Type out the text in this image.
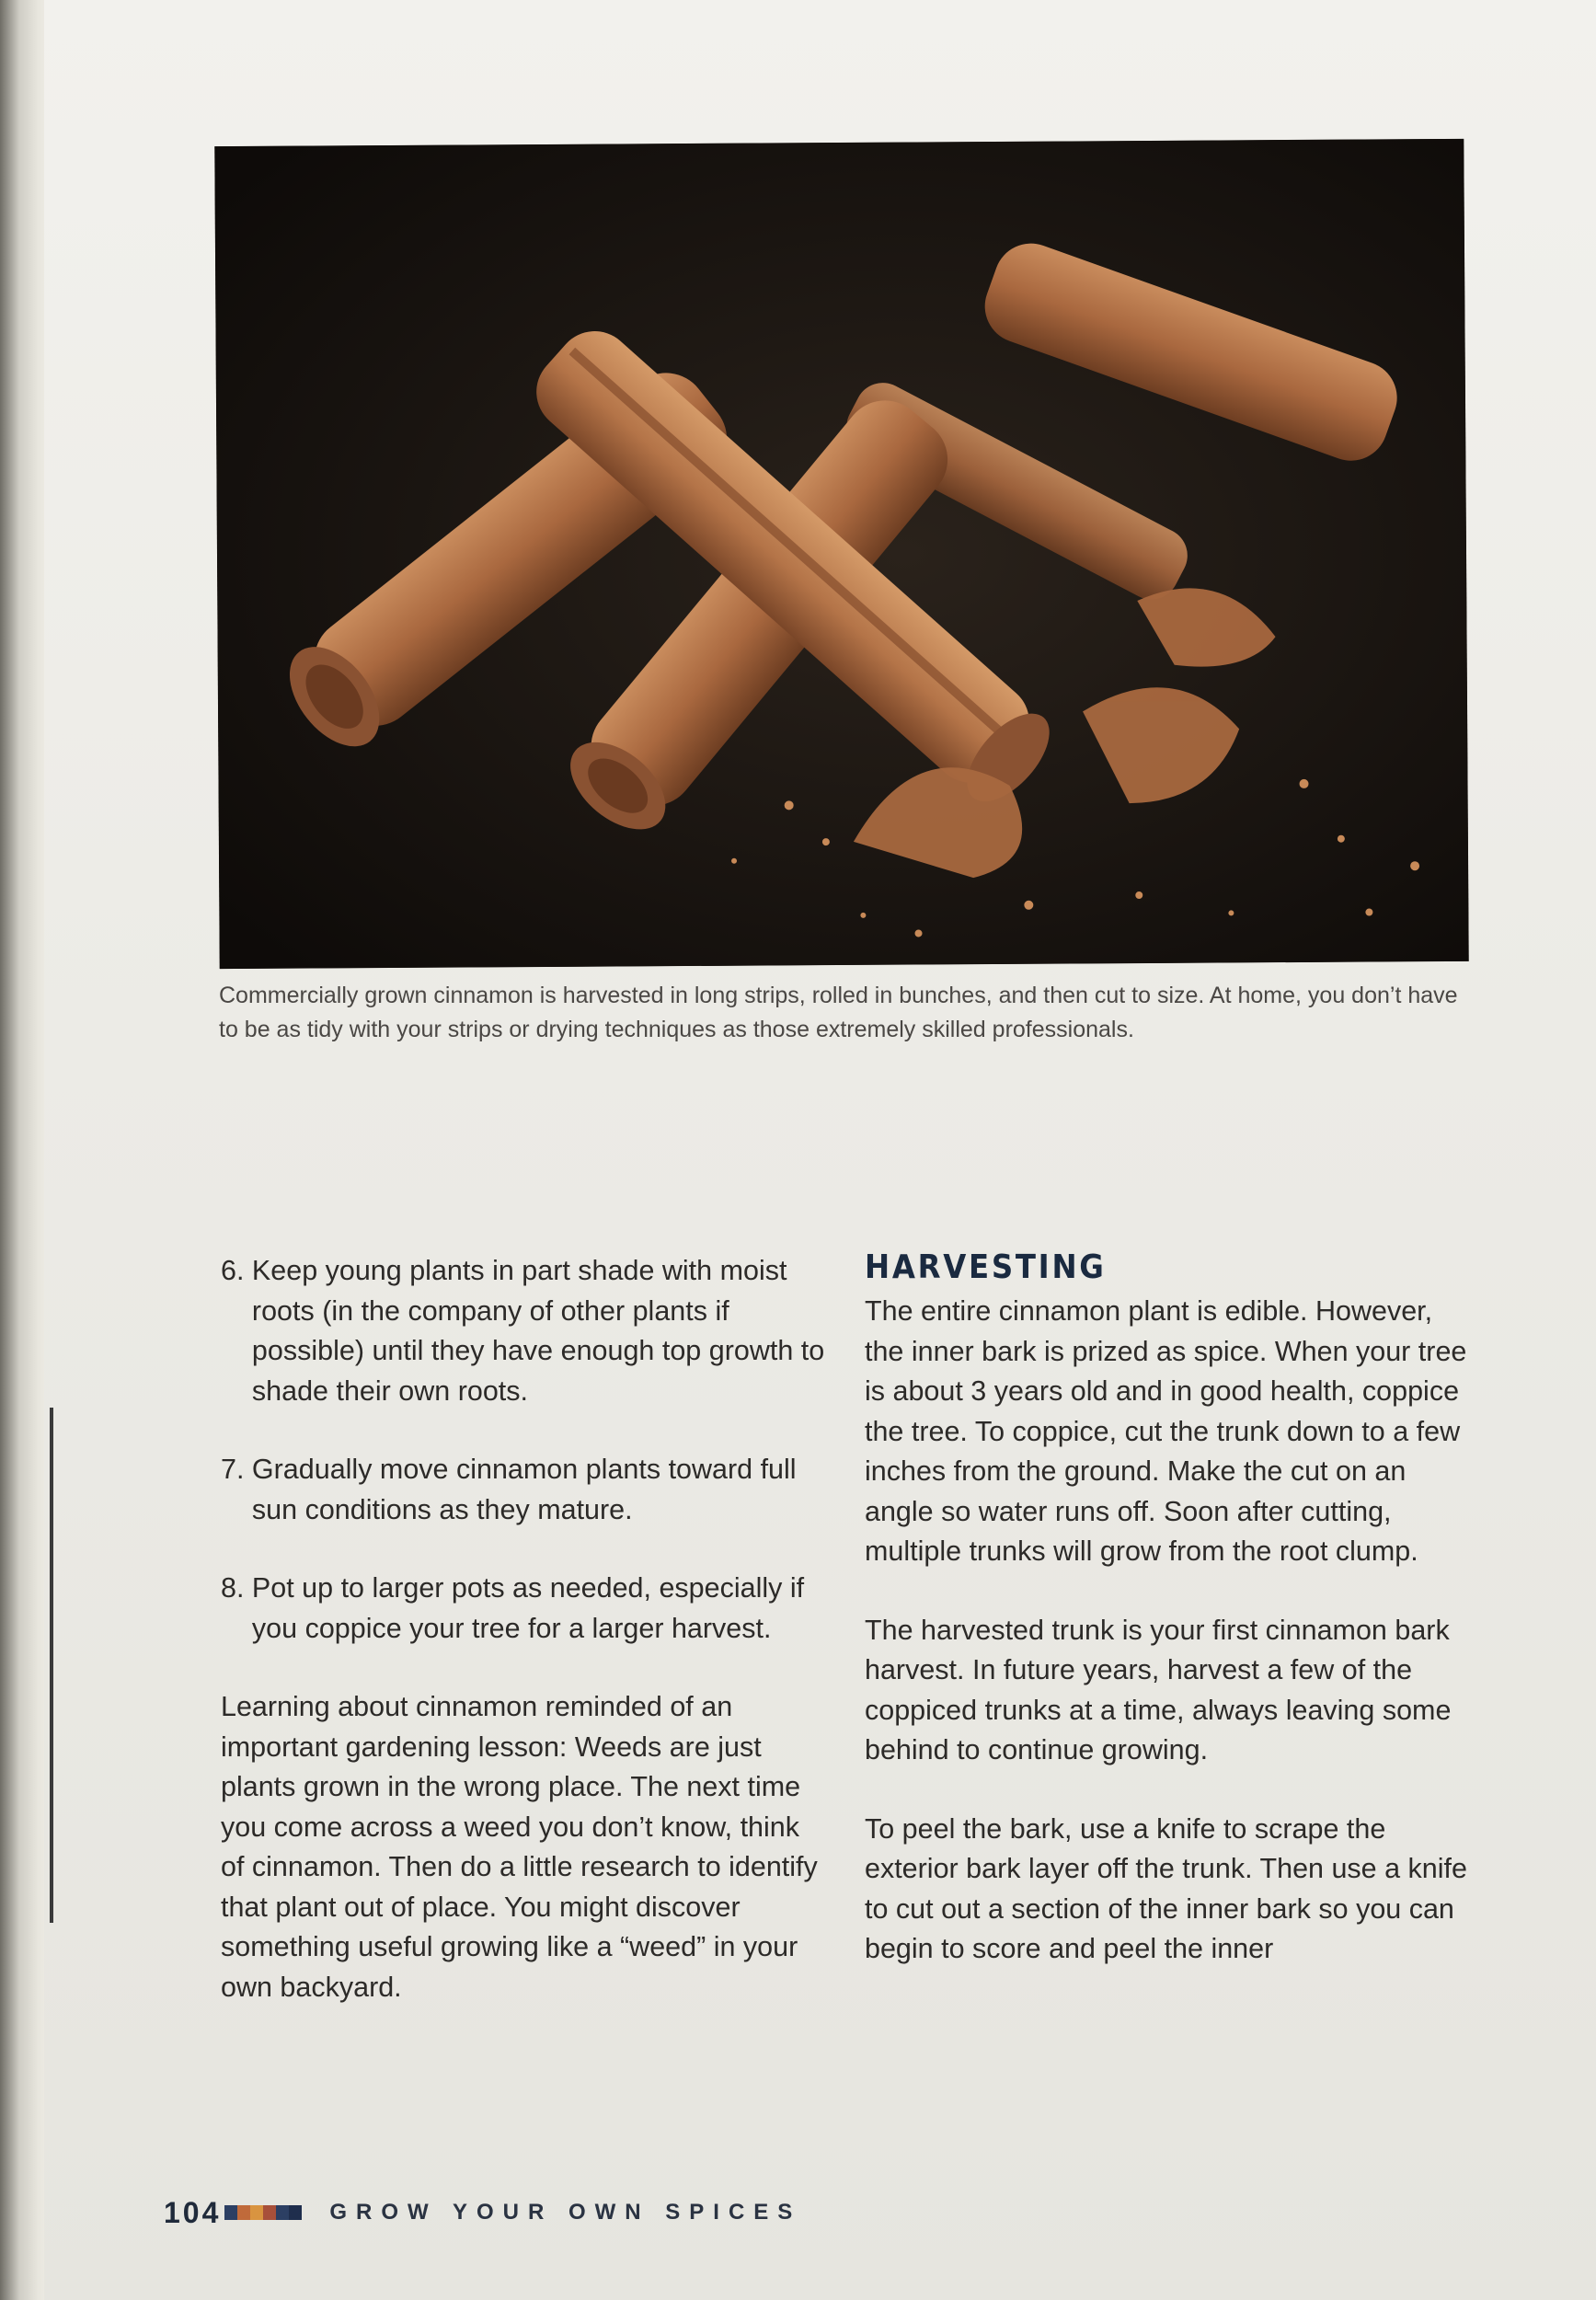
Commercially grown cinnamon is harvested in long strips, rolled in bunches, and then cut to size. At home, you don’t have to be as tidy with your strips or drying techniques as those extremely skilled professionals.
6.
Keep young plants in part shade with moist roots (in the company of other plants if possible) until they have enough top growth to shade their own roots.
7.
Gradually move cinnamon plants toward full sun conditions as they mature.
8.
Pot up to larger pots as needed, especially if you coppice your tree for a larger harvest.

Learning about cinnamon reminded of an important gardening lesson: Weeds are just plants grown in the wrong place. The next time you come across a weed you don’t know, think of cinnamon. Then do a little research to identify that plant out of place. You might discover something useful growing like a “weed” in your own backyard.

HARVESTING

The entire cinnamon plant is edible. However, the inner bark is prized as spice. When your tree is about 3 years old and in good health, coppice the tree. To coppice, cut the trunk down to a few inches from the ground. Make the cut on an angle so water runs off. Soon after cutting, multiple trunks will grow from the root clump.

The harvested trunk is your first cinnamon bark harvest. In future years, harvest a few of the coppiced trunks at a time, always leaving some behind to continue growing.

To peel the bark, use a knife to scrape the exterior bark layer off the trunk. Then use a knife to cut out a section of the inner bark so you can begin to score and peel the inner

104	GROW YOUR OWN SPICES
